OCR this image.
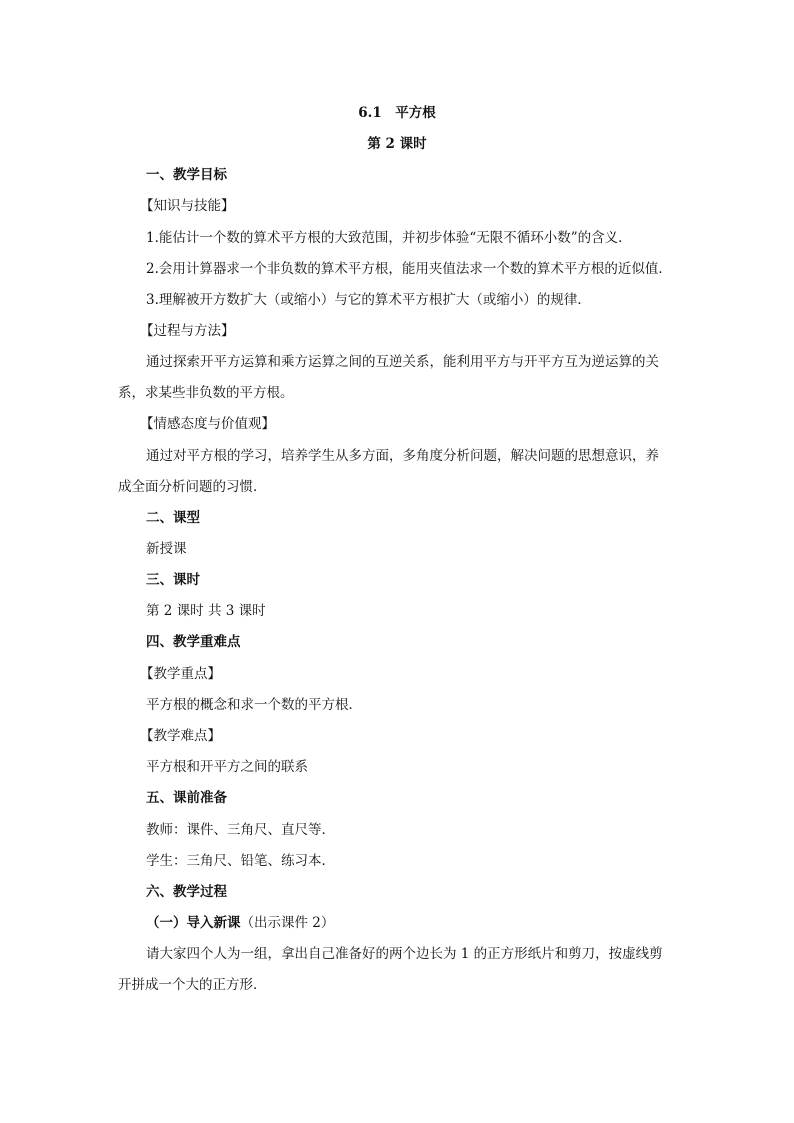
6.1　平方根
第 2 课时
一、教学目标
【知识与技能】
1.能估计一个数的算术平方根的大致范围，并初步体验“无限不循环小数”的含义．
2.会用计算器求一个非负数的算术平方根，能用夹值法求一个数的算术平方根的近似值．
3.理解被开方数扩大（或缩小）与它的算术平方根扩大（或缩小）的规律．
【过程与方法】
通过探索开平方运算和乘方运算之间的互逆关系，能利用平方与开平方互为逆运算的关
系，求某些非负数的平方根。
【情感态度与价值观】
通过对平方根的学习，培养学生从多方面，多角度分析问题，解决问题的思想意识，养
成全面分析问题的习惯．
二、课型
新授课
三、课时
第 2 课时 共 3 课时
四、教学重难点
【教学重点】
平方根的概念和求一个数的平方根．
【教学难点】
平方根和开平方之间的联系
五、课前准备
教师：课件、三角尺、直尺等．
学生：三角尺、铅笔、练习本．
六、教学过程
（一）导入新课（出示课件 2）
请大家四个人为一组，拿出自己准备好的两个边长为 1 的正方形纸片和剪刀，按虚线剪
开拼成一个大的正方形．
